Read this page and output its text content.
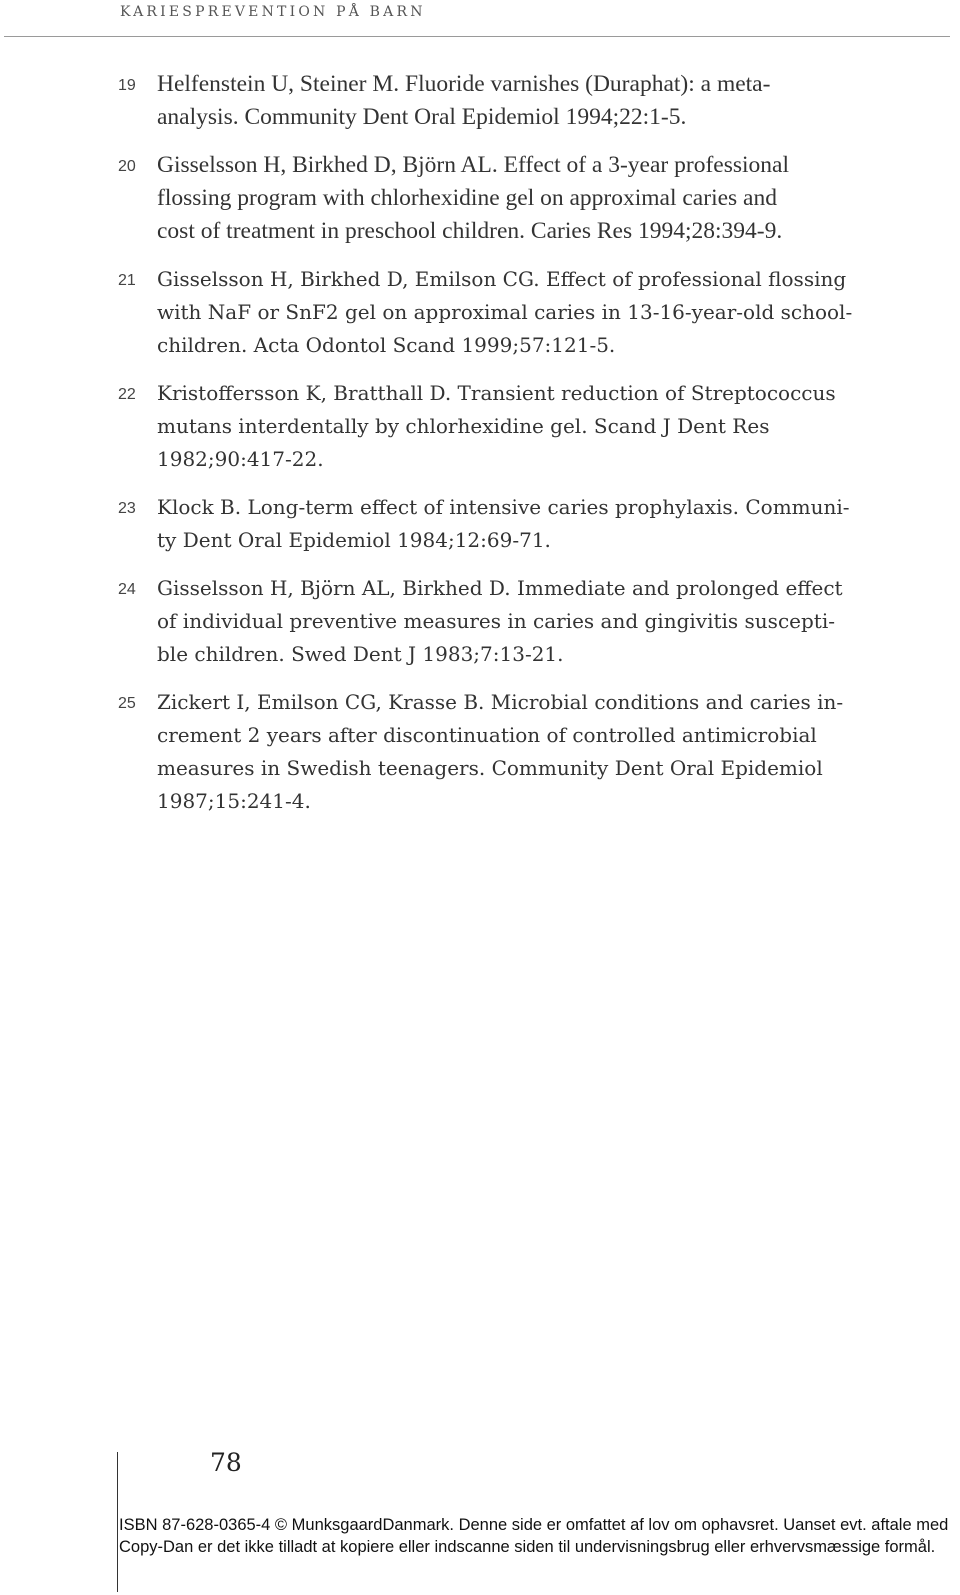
KARIESPREVENTION PÅ BARN
19 Helfenstein U, Steiner M. Fluoride varnishes (Duraphat): a meta-
analysis. Community Dent Oral Epidemiol 1994;22:1-5.
20 Gisselsson H, Birkhed D, Björn AL. Effect of a 3-year professional
flossing program with chlorhexidine gel on approximal caries and
cost of treatment in preschool children. Caries Res 1994;28:394-9.
21 Gisselsson H, Birkhed D, Emilson CG. Effect of professional flossing
with NaF or SnF2 gel on approximal caries in 13-16-year-old school-
children. Acta Odontol Scand 1999;57:121-5.
22 Kristoffersson K, Bratthall D. Transient reduction of Streptococcus
mutans interdentally by chlorhexidine gel. Scand J Dent Res
1982;90:417-22.
23 Klock B. Long-term effect of intensive caries prophylaxis. Communi-
ty Dent Oral Epidemiol 1984;12:69-71.
24 Gisselsson H, Björn AL, Birkhed D. Immediate and prolonged effect
of individual preventive measures in caries and gingivitis suscepti-
ble children. Swed Dent J 1983;7:13-21.
25 Zickert I, Emilson CG, Krasse B. Microbial conditions and caries in-
crement 2 years after discontinuation of controlled antimicrobial
measures in Swedish teenagers. Community Dent Oral Epidemiol
1987;15:241-4.
78
ISBN 87-628-0365-4 © MunksgaardDanmark. Denne side er omfattet af lov om ophavsret. Uanset evt. aftale med
Copy-Dan er det ikke tilladt at kopiere eller indscanne siden til undervisningsbrug eller erhvervsmæssige formål.
